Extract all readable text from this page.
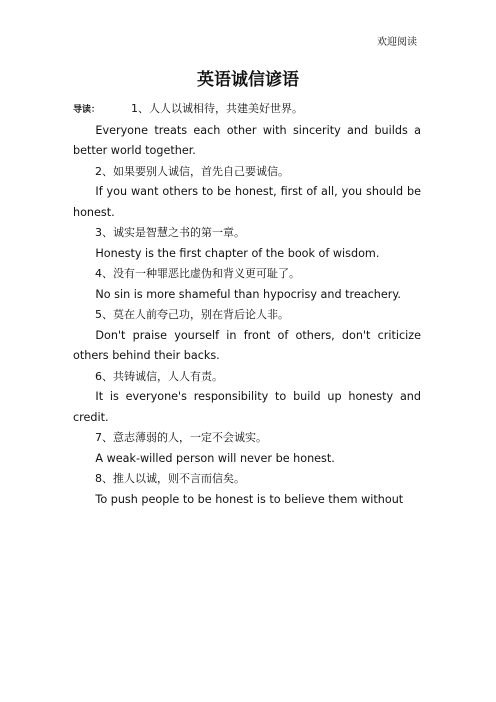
欢迎阅读
英语诚信谚语

导读：	1、人人以诚相待，共建美好世界。

Everyone treats each other with sincerity and builds a better world together.

2、如果要别人诚信，首先自己要诚信。

If you want others to be honest, first of all, you should be honest.

3、诚实是智慧之书的第一章。

Honesty is the first chapter of the book of wisdom.

4、没有一种罪恶比虚伪和背义更可耻了。

No sin is more shameful than hypocrisy and treachery.

5、莫在人前夸己功，别在背后论人非。

Don't praise yourself in front of others, don't criticize others behind their backs.

6、共铸诚信，人人有责。

It is everyone's responsibility to build up honesty and credit.

7、意志薄弱的人，一定不会诚实。

A weak-willed person will never be honest.

8、推人以诚，则不言而信矣。

To push people to be honest is to believe them without
